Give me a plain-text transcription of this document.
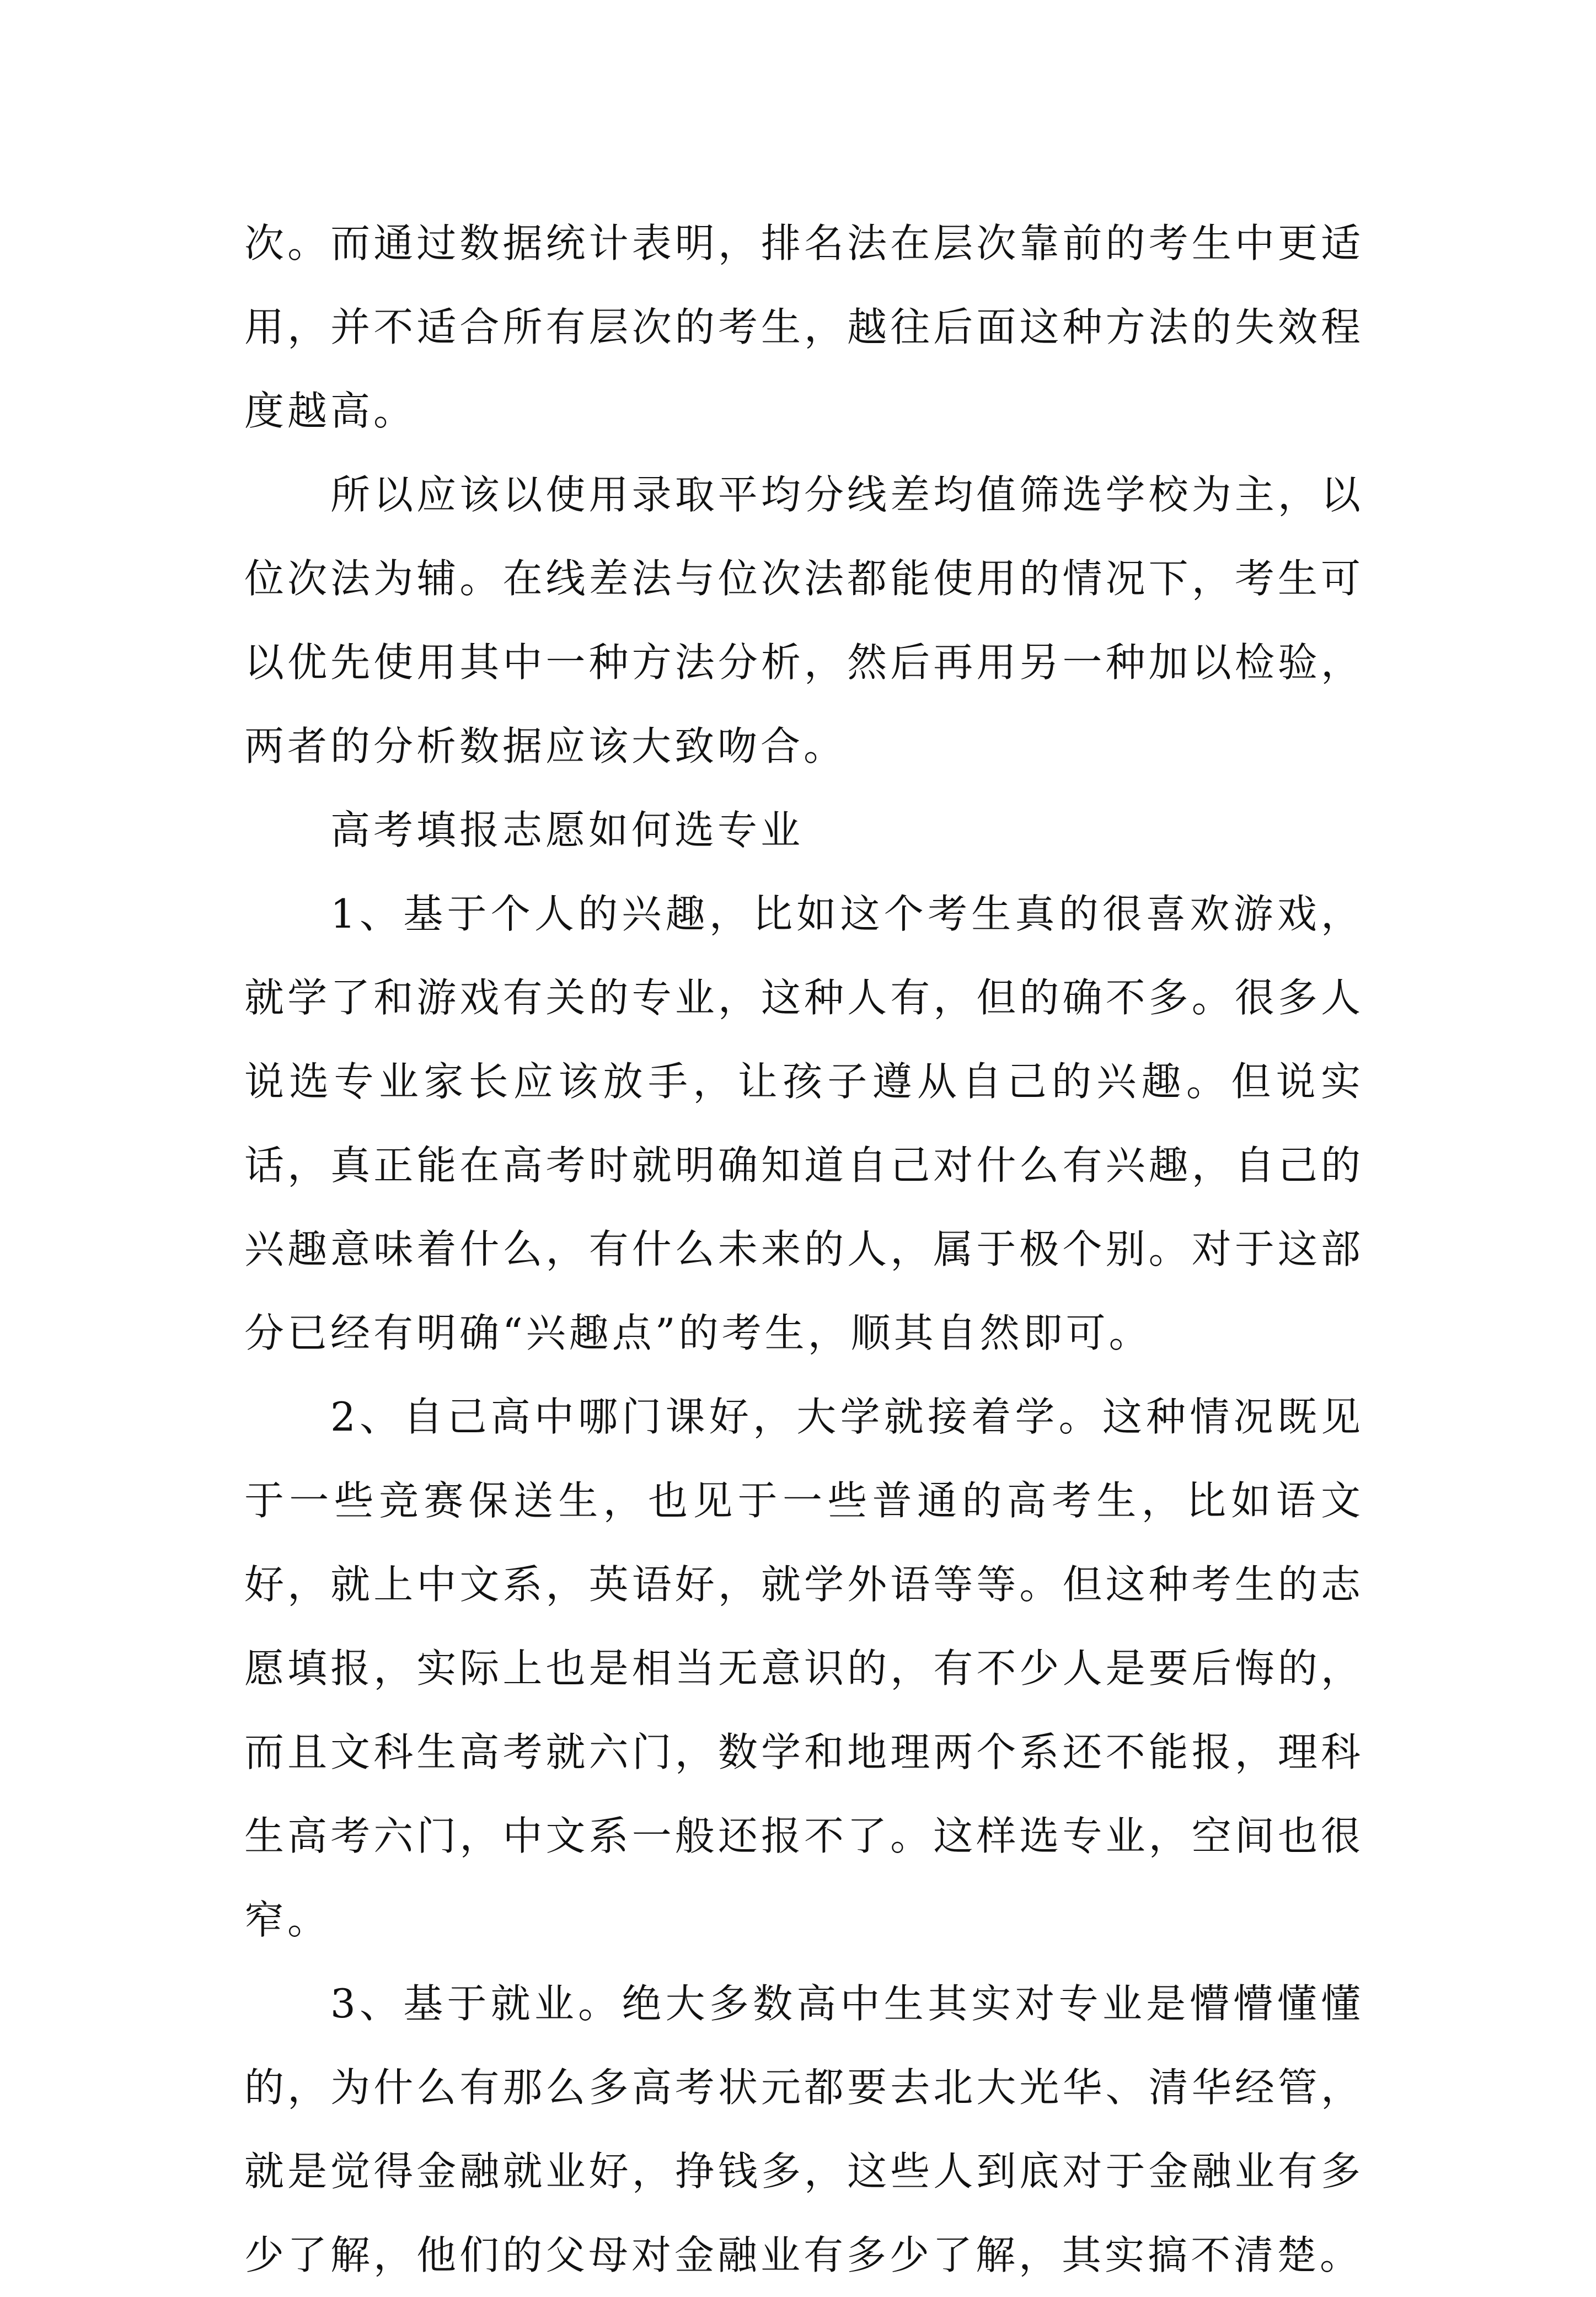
次。而通过数据统计表明，排名法在层次靠前的考生中更适用，并不适合所有层次的考生，越往后面这种方法的失效程度越高。

所以应该以使用录取平均分线差均值筛选学校为主，以位次法为辅。在线差法与位次法都能使用的情况下，考生可以优先使用其中一种方法分析，然后再用另一种加以检验，两者的分析数据应该大致吻合。

高考填报志愿如何选专业

1、基于个人的兴趣，比如这个考生真的很喜欢游戏，就学了和游戏有关的专业，这种人有，但的确不多。很多人说选专业家长应该放手，让孩子遵从自己的兴趣。但说实话，真正能在高考时就明确知道自己对什么有兴趣，自己的兴趣意味着什么，有什么未来的人，属于极个别。对于这部分已经有明确“兴趣点”的考生，顺其自然即可。

2、自己高中哪门课好，大学就接着学。这种情况既见于一些竞赛保送生，也见于一些普通的高考生，比如语文好，就上中文系，英语好，就学外语等等。但这种考生的志愿填报，实际上也是相当无意识的，有不少人是要后悔的，而且文科生高考就六门，数学和地理两个系还不能报，理科生高考六门，中文系一般还报不了。这样选专业，空间也很窄。

3、基于就业。绝大多数高中生其实对专业是懵懵懂懂的，为什么有那么多高考状元都要去北大光华、清华经管，就是觉得金融就业好，挣钱多，这些人到底对于金融业有多少了解，他们的父母对金融业有多少了解，其实搞不清楚。
